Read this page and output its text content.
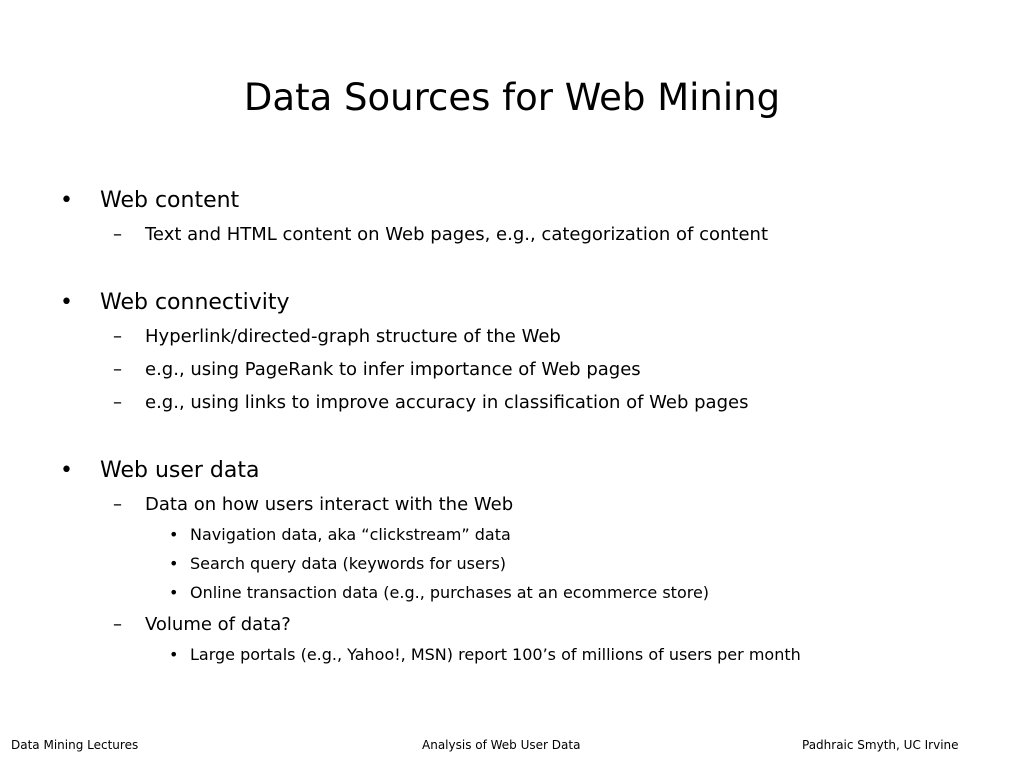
Data Sources for Web Mining
• Web content
– Text and HTML content on Web pages, e.g., categorization of content
• Web connectivity
– Hyperlink/directed-graph structure of the Web
– e.g., using PageRank to infer importance of Web pages
– e.g., using links to improve accuracy in classification of Web pages
• Web user data
– Data on how users interact with the Web
• Navigation data, aka “clickstream” data
• Search query data (keywords for users)
• Online transaction data (e.g., purchases at an ecommerce store)
– Volume of data?
• Large portals (e.g., Yahoo!, MSN) report 100’s of millions of users per month
Data Mining Lectures	Analysis of Web User Data	Padhraic Smyth, UC Irvine
